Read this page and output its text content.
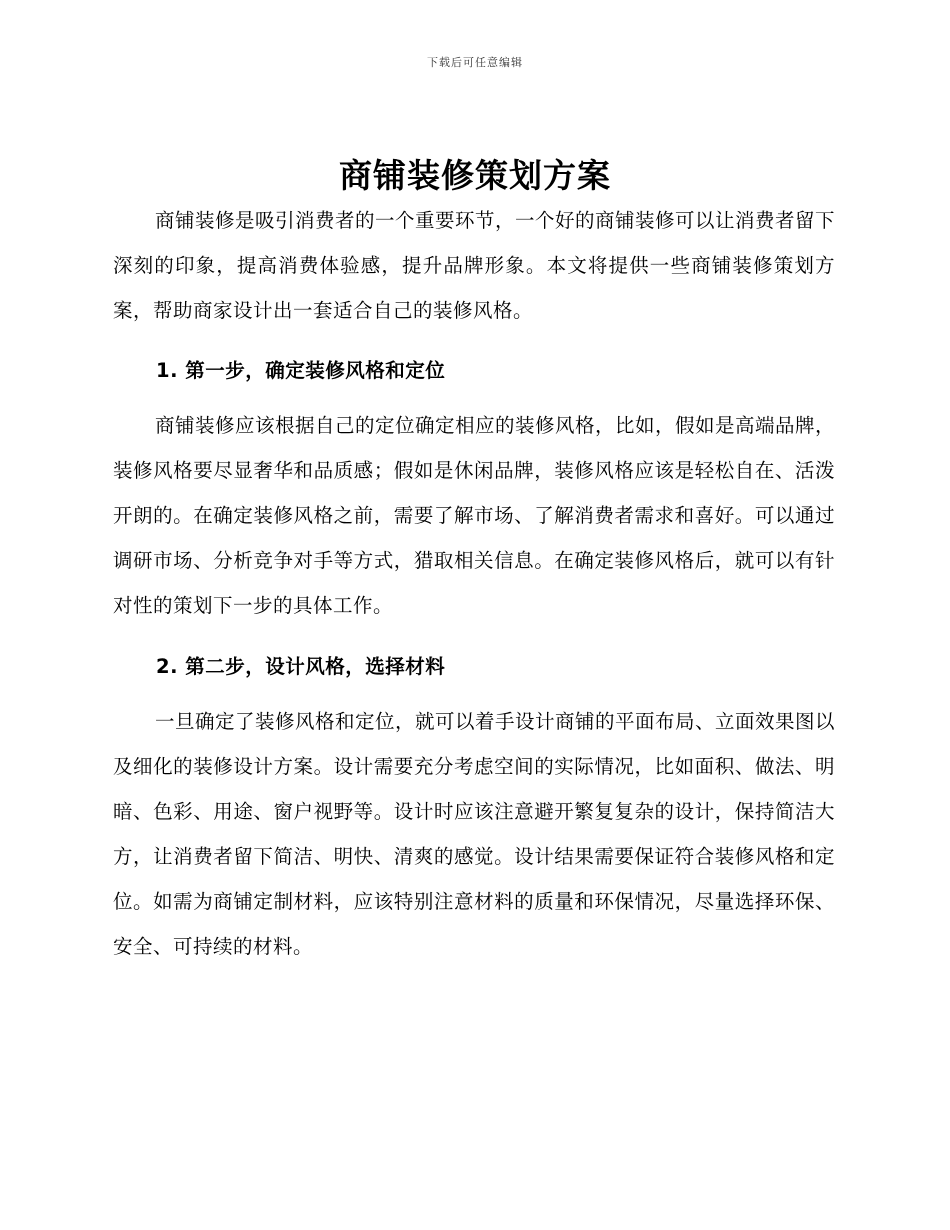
下载后可任意编辑
商铺装修策划方案
商铺装修是吸引消费者的一个重要环节，一个好的商铺装修可以让消费者留下深刻的印象，提高消费体验感，提升品牌形象。本文将提供一些商铺装修策划方案，帮助商家设计出一套适合自己的装修风格。
1. 第一步，确定装修风格和定位
商铺装修应该根据自己的定位确定相应的装修风格，比如，假如是高端品牌，装修风格要尽显奢华和品质感；假如是休闲品牌，装修风格应该是轻松自在、活泼开朗的。在确定装修风格之前，需要了解市场、了解消费者需求和喜好。可以通过调研市场、分析竞争对手等方式，猎取相关信息。在确定装修风格后，就可以有针对性的策划下一步的具体工作。
2. 第二步，设计风格，选择材料
一旦确定了装修风格和定位，就可以着手设计商铺的平面布局、立面效果图以及细化的装修设计方案。设计需要充分考虑空间的实际情况，比如面积、做法、明暗、色彩、用途、窗户视野等。设计时应该注意避开繁复复杂的设计，保持简洁大方，让消费者留下简洁、明快、清爽的感觉。设计结果需要保证符合装修风格和定位。如需为商铺定制材料，应该特别注意材料的质量和环保情况，尽量选择环保、安全、可持续的材料。
